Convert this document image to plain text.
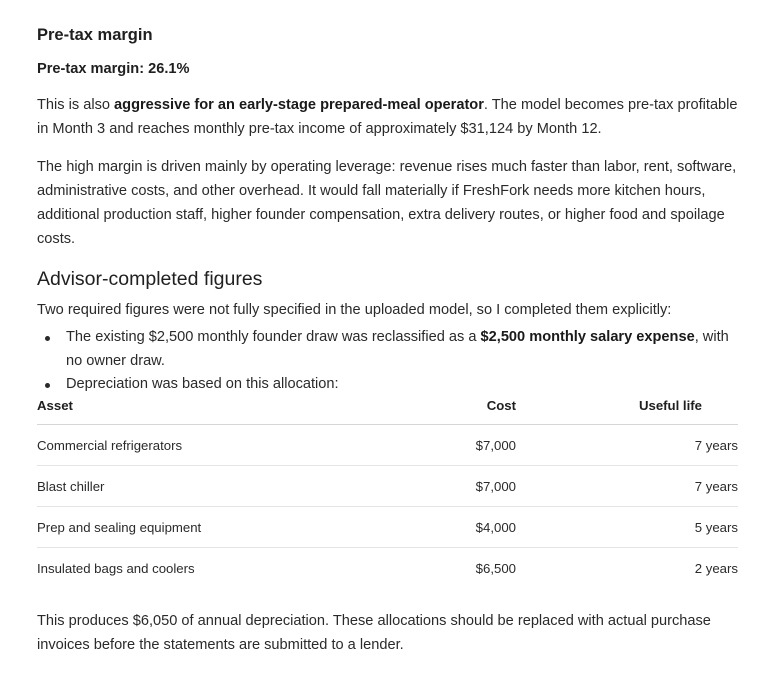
Pre-tax margin

Pre-tax margin: 26.1%

This is also aggressive for an early-stage prepared-meal operator. The model becomes pre-tax profitable in Month 3 and reaches monthly pre-tax income of approximately $31,124 by Month 12.

The high margin is driven mainly by operating leverage: revenue rises much faster than labor, rent, software, administrative costs, and other overhead. It would fall materially if FreshFork needs more kitchen hours, additional production staff, higher founder compensation, extra delivery routes, or higher food and spoilage costs.

Advisor-completed figures

Two required figures were not fully specified in the uploaded model, so I completed them explicitly:

The existing $2,500 monthly founder draw was reclassified as a $2,500 monthly salary expense, with no owner draw.
Depreciation was based on this allocation:
Asset	Cost	Useful life
Commercial refrigerators	$7,000	7 years
Blast chiller	$7,000	7 years
Prep and sealing equipment	$4,000	5 years
Insulated bags and coolers	$6,500	2 years

This produces $6,050 of annual depreciation. These allocations should be replaced with actual purchase invoices before the statements are submitted to a lender.
